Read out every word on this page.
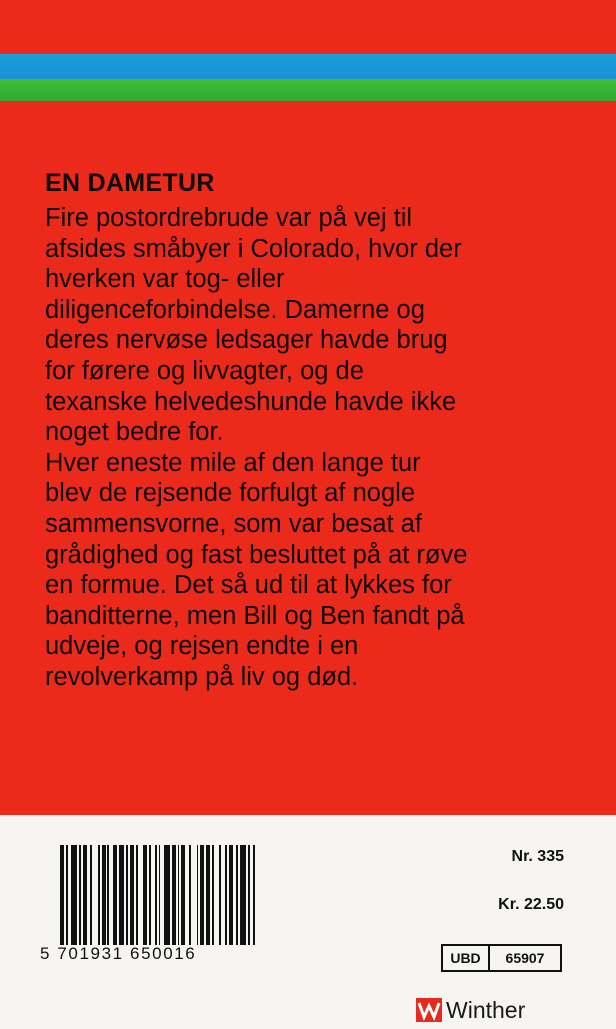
EN DAMETUR

Fire postordrebrude var på vej til
afsides småbyer i Colorado, hvor der
hverken var tog- eller
diligenceforbindelse. Damerne og
deres nervøse ledsager havde brug
for førere og livvagter, og de
texanske helvedeshunde havde ikke
noget bedre for.

Hver eneste mile af den lange tur
blev de rejsende forfulgt af nogle
sammensvorne, som var besat af
grådighed og fast besluttet på at røve
en formue. Det så ud til at lykkes for
banditterne, men Bill og Ben fandt på
udveje, og rejsen endte i en
revolverkamp på liv og død.

5 701931 650016
Nr. 335
Kr. 22.50
UBD	65907
Winther
